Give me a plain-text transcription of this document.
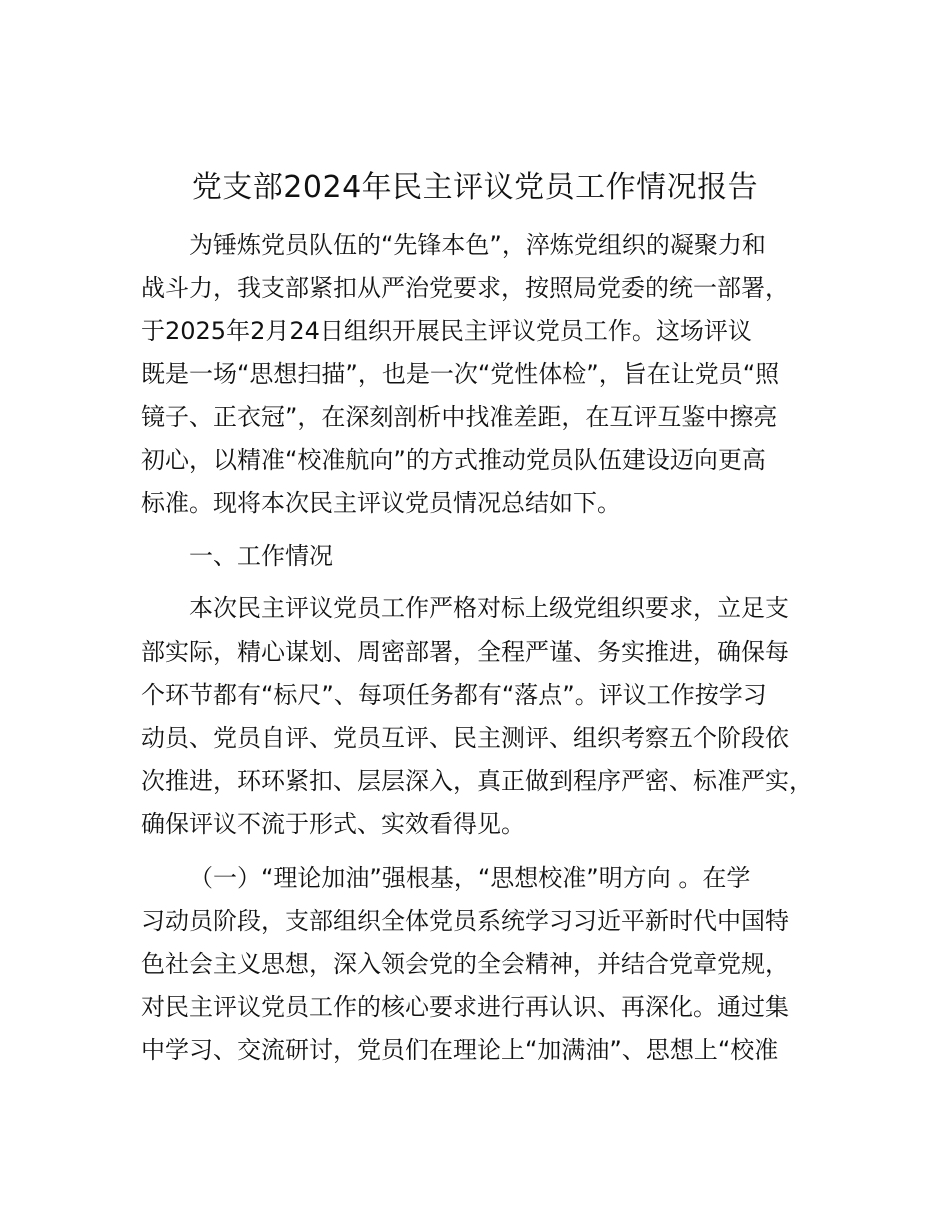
党支部2024年民主评议党员工作情况报告
为锤炼党员队伍的“先锋本色”，淬炼党组织的凝聚力和
战斗力，我支部紧扣从严治党要求，按照局党委的统一部署，
于2025年2月24日组织开展民主评议党员工作。这场评议
既是一场“思想扫描”，也是一次“党性体检”，旨在让党员“照
镜子、正衣冠”，在深刻剖析中找准差距，在互评互鉴中擦亮
初心，以精准“校准航向”的方式推动党员队伍建设迈向更高
标准。现将本次民主评议党员情况总结如下。
一、工作情况
本次民主评议党员工作严格对标上级党组织要求，立足支
部实际，精心谋划、周密部署，全程严谨、务实推进，确保每
个环节都有“标尺”、每项任务都有“落点”。评议工作按学习
动员、党员自评、党员互评、民主测评、组织考察五个阶段依
次推进，环环紧扣、层层深入，真正做到程序严密、标准严实，
确保评议不流于形式、实效看得见。
（一）“理论加油”强根基，“思想校准”明方向 。在学
习动员阶段，支部组织全体党员系统学习习近平新时代中国特
色社会主义思想，深入领会党的全会精神，并结合党章党规，
对民主评议党员工作的核心要求进行再认识、再深化。通过集
中学习、交流研讨，党员们在理论上“加满油”、思想上“校准
